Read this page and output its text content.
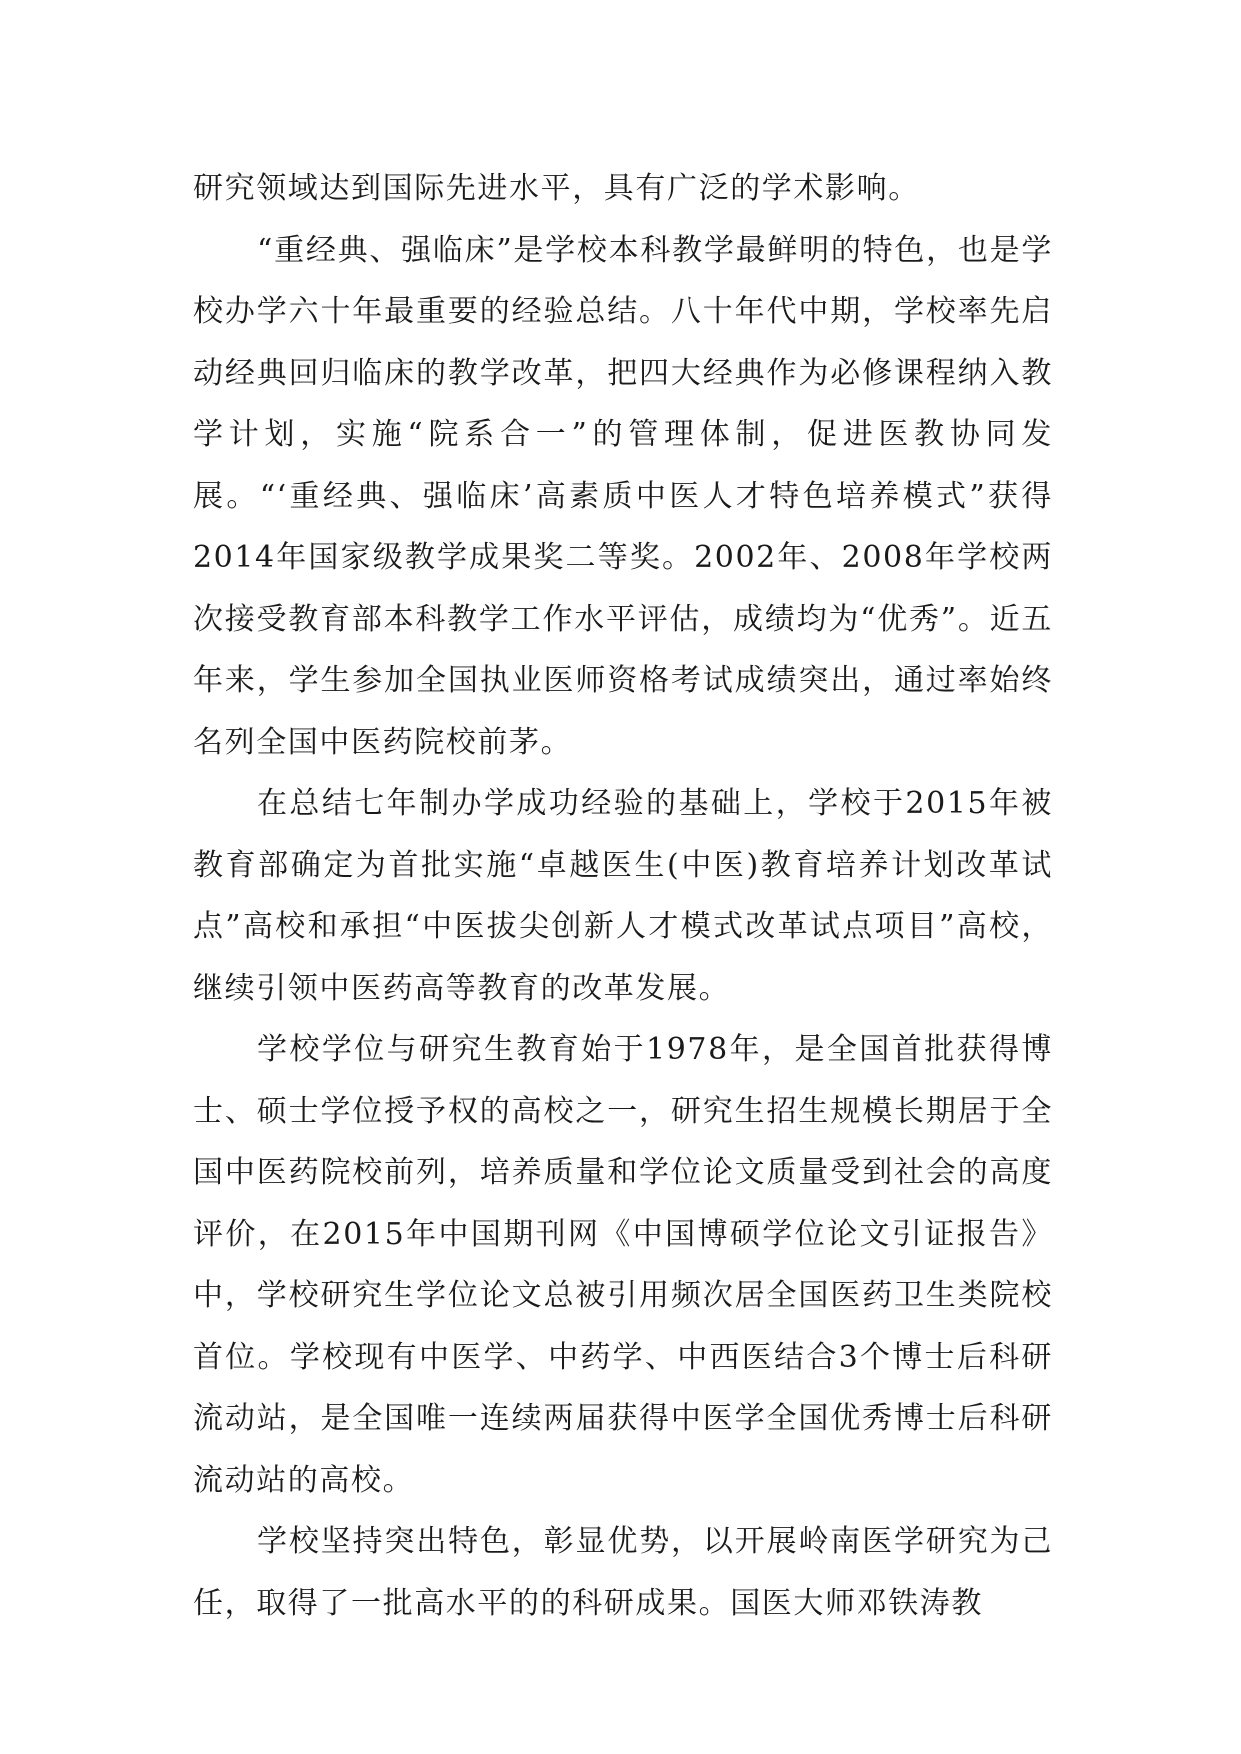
研究领域达到国际先进水平，具有广泛的学术影响。

“重经典、强临床”是学校本科教学最鲜明的特色，也是学校办学六十年最重要的经验总结。八十年代中期，学校率先启动经典回归临床的教学改革，把四大经典作为必修课程纳入教学计划，实施“院系合一”的管理体制，促进医教协同发展。“‘重经典、强临床’高素质中医人才特色培养模式”获得2014年国家级教学成果奖二等奖。2002年、2008年学校两次接受教育部本科教学工作水平评估，成绩均为“优秀”。近五年来，学生参加全国执业医师资格考试成绩突出，通过率始终名列全国中医药院校前茅。

在总结七年制办学成功经验的基础上，学校于2015年被教育部确定为首批实施“卓越医生(中医)教育培养计划改革试点”高校和承担“中医拔尖创新人才模式改革试点项目”高校，继续引领中医药高等教育的改革发展。

学校学位与研究生教育始于1978年，是全国首批获得博士、硕士学位授予权的高校之一，研究生招生规模长期居于全国中医药院校前列，培养质量和学位论文质量受到社会的高度评价，在2015年中国期刊网《中国博硕学位论文引证报告》中，学校研究生学位论文总被引用频次居全国医药卫生类院校首位。学校现有中医学、中药学、中西医结合3个博士后科研流动站，是全国唯一连续两届获得中医学全国优秀博士后科研流动站的高校。

学校坚持突出特色，彰显优势，以开展岭南医学研究为己任，取得了一批高水平的的科研成果。国医大师邓铁涛教
